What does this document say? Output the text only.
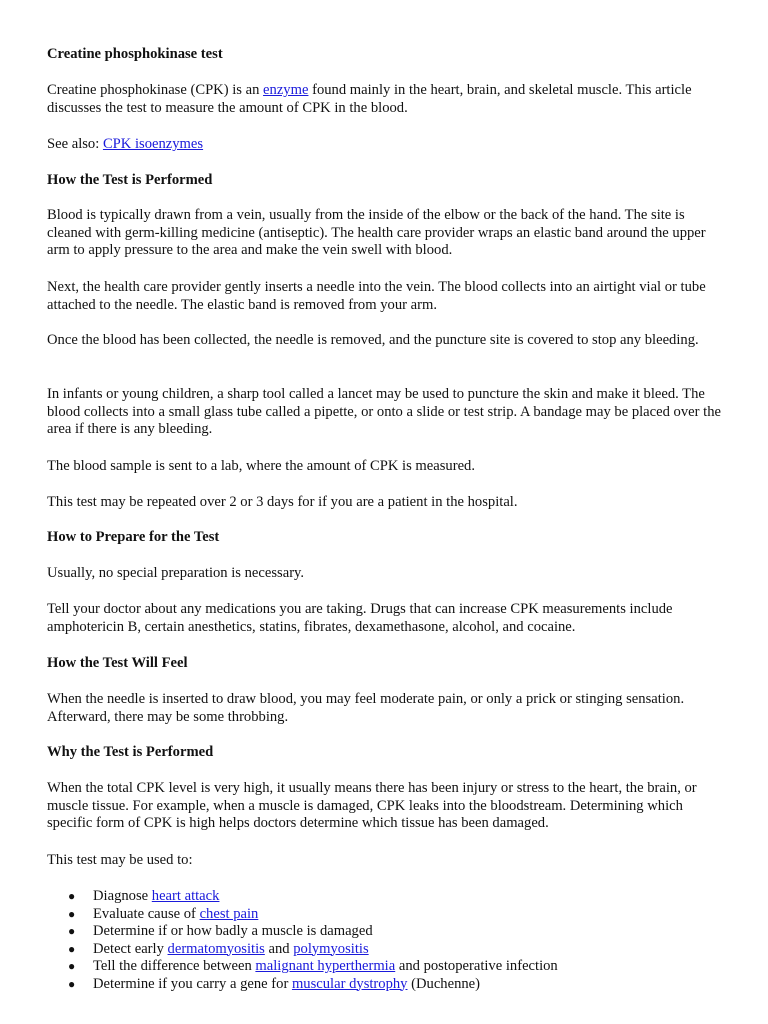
Creatine phosphokinase test

Creatine phosphokinase (CPK) is an enzyme found mainly in the heart, brain, and skeletal muscle. This article discusses the test to measure the amount of CPK in the blood.

See also: CPK isoenzymes

How the Test is Performed

Blood is typically drawn from a vein, usually from the inside of the elbow or the back of the hand. The site is cleaned with germ-killing medicine (antiseptic). The health care provider wraps an elastic band around the upper arm to apply pressure to the area and make the vein swell with blood.

Next, the health care provider gently inserts a needle into the vein. The blood collects into an airtight vial or tube attached to the needle. The elastic band is removed from your arm.

Once the blood has been collected, the needle is removed, and the puncture site is covered to stop any bleeding.

In infants or young children, a sharp tool called a lancet may be used to puncture the skin and make it bleed. The blood collects into a small glass tube called a pipette, or onto a slide or test strip. A bandage may be placed over the area if there is any bleeding.

The blood sample is sent to a lab, where the amount of CPK is measured.

This test may be repeated over 2 or 3 days for if you are a patient in the hospital.

How to Prepare for the Test

Usually, no special preparation is necessary.

Tell your doctor about any medications you are taking. Drugs that can increase CPK measurements include amphotericin B, certain anesthetics, statins, fibrates, dexamethasone, alcohol, and cocaine.

How the Test Will Feel

When the needle is inserted to draw blood, you may feel moderate pain, or only a prick or stinging sensation. Afterward, there may be some throbbing.

Why the Test is Performed

When the total CPK level is very high, it usually means there has been injury or stress to the heart, the brain, or muscle tissue. For example, when a muscle is damaged, CPK leaks into the bloodstream. Determining which specific form of CPK is high helps doctors determine which tissue has been damaged.

This test may be used to:

● Diagnose heart attack
● Evaluate cause of chest pain
● Determine if or how badly a muscle is damaged
● Detect early dermatomyositis and polymyositis
● Tell the difference between malignant hyperthermia and postoperative infection
● Determine if you carry a gene for muscular dystrophy (Duchenne)
